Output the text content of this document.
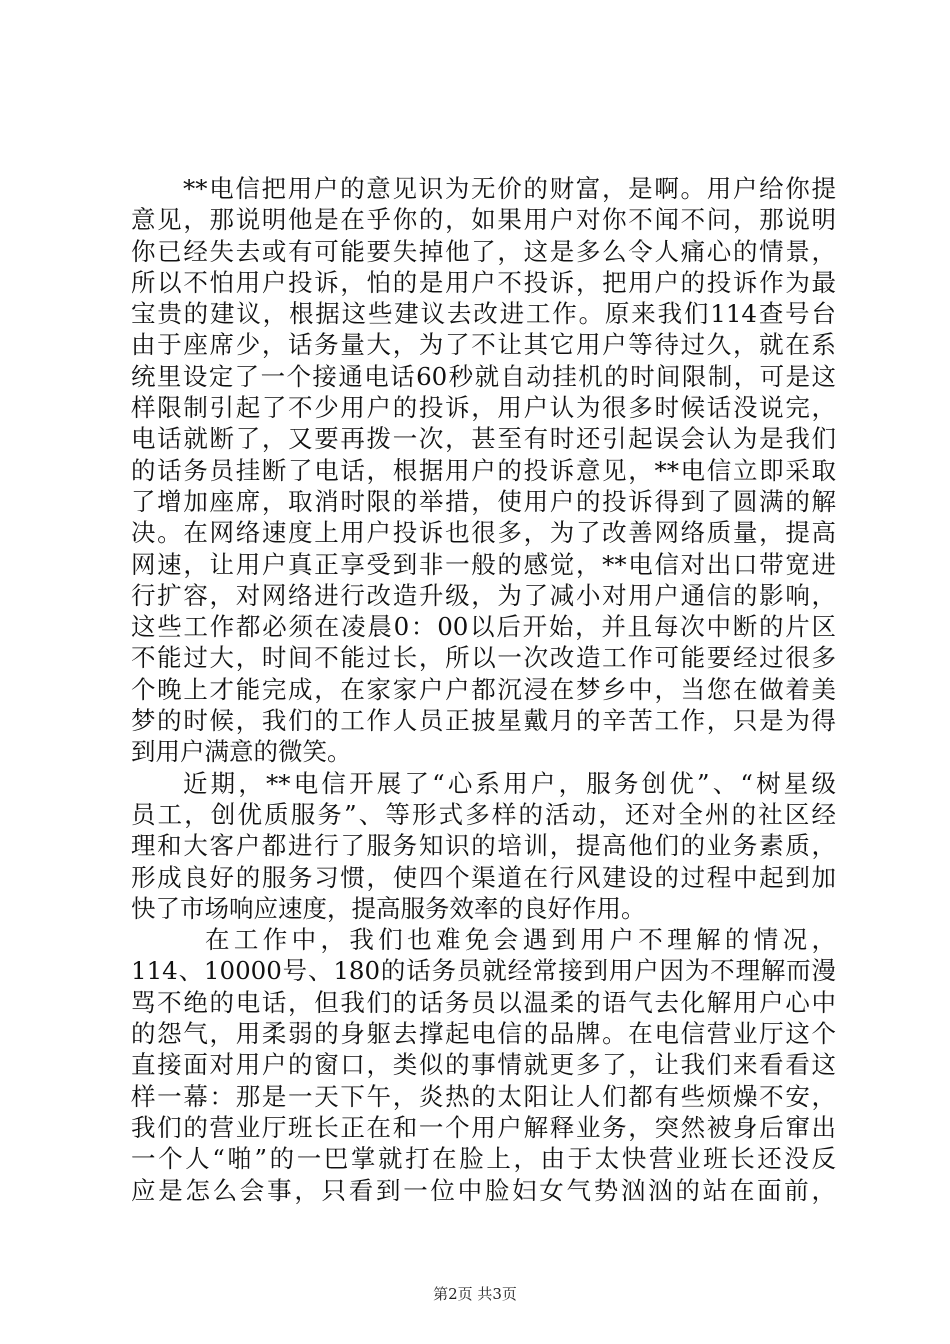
**电信把用户的意见识为无价的财富，是啊。用户给你提
意见，那说明他是在乎你的，如果用户对你不闻不问，那说明
你已经失去或有可能要失掉他了，这是多么令人痛心的情景，
所以不怕用户投诉，怕的是用户不投诉，把用户的投诉作为最
宝贵的建议，根据这些建议去改进工作。原来我们114查号台
由于座席少，话务量大，为了不让其它用户等待过久，就在系
统里设定了一个接通电话60秒就自动挂机的时间限制，可是这
样限制引起了不少用户的投诉，用户认为很多时候话没说完，
电话就断了，又要再拨一次，甚至有时还引起误会认为是我们
的话务员挂断了电话，根据用户的投诉意见，**电信立即采取
了增加座席，取消时限的举措，使用户的投诉得到了圆满的解
决。在网络速度上用户投诉也很多，为了改善网络质量，提高
网速，让用户真正享受到非一般的感觉，**电信对出口带宽进
行扩容，对网络进行改造升级，为了减小对用户通信的影响，
这些工作都必须在凌晨0：00以后开始，并且每次中断的片区
不能过大，时间不能过长，所以一次改造工作可能要经过很多
个晚上才能完成，在家家户户都沉浸在梦乡中，当您在做着美
梦的时候，我们的工作人员正披星戴月的辛苦工作，只是为得
到用户满意的微笑。
近期，**电信开展了“心系用户，服务创优”、“树星级
员工，创优质服务”、等形式多样的活动，还对全州的社区经
理和大客户都进行了服务知识的培训，提高他们的业务素质，
形成良好的服务习惯，使四个渠道在行风建设的过程中起到加
快了市场响应速度，提高服务效率的良好作用。
在工作中，我们也难免会遇到用户不理解的情况，
114、10000号、180的话务员就经常接到用户因为不理解而漫
骂不绝的电话，但我们的话务员以温柔的语气去化解用户心中
的怨气，用柔弱的身躯去撑起电信的品牌。在电信营业厅这个
直接面对用户的窗口，类似的事情就更多了，让我们来看看这
样一幕：那是一天下午，炎热的太阳让人们都有些烦燥不安，
我们的营业厅班长正在和一个用户解释业务，突然被身后窜出
一个人“啪”的一巴掌就打在脸上，由于太快营业班长还没反
应是怎么会事，只看到一位中脸妇女气势汹汹的站在面前，
第2页 共3页
